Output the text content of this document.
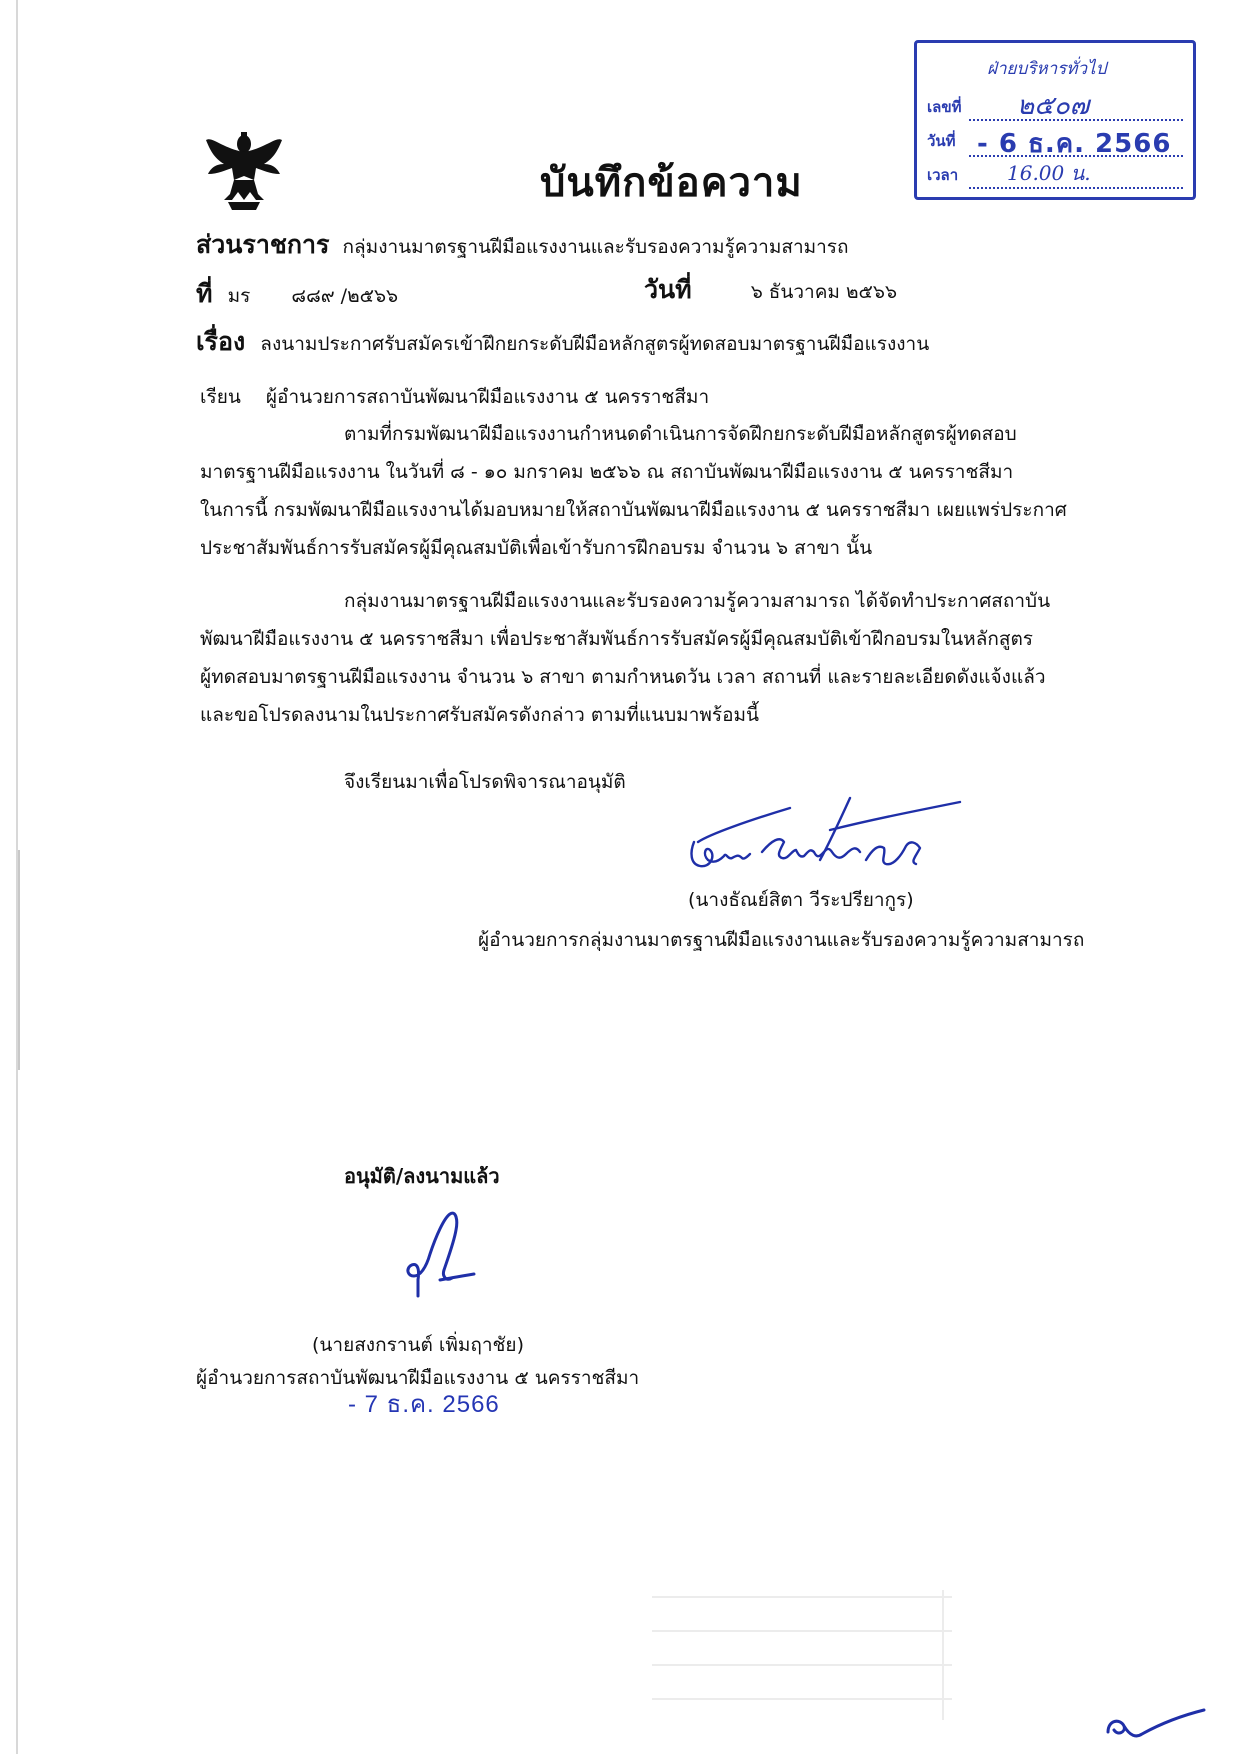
ฝ่ายบริหารทั่วไป
เลขที่ ๒๕๐๗
วันที่ - 6 ธ.ค. 2566
เวลา 16.00 น.
บันทึกข้อความ
ส่วนราชการ กลุ่มงานมาตรฐานฝีมือแรงงานและรับรองความรู้ความสามารถ
ที่ มร ๘๘๙ /๒๕๖๖	วันที่	๖ ธันวาคม ๒๕๖๖
เรื่อง ลงนามประกาศรับสมัครเข้าฝึกยกระดับฝีมือหลักสูตรผู้ทดสอบมาตรฐานฝีมือแรงงาน
เรียน ผู้อำนวยการสถาบันพัฒนาฝีมือแรงงาน ๕ นครราชสีมา
ตามที่กรมพัฒนาฝีมือแรงงานกำหนดดำเนินการจัดฝึกยกระดับฝีมือหลักสูตรผู้ทดสอบ
มาตรฐานฝีมือแรงงาน ในวันที่ ๘ - ๑๐ มกราคม ๒๕๖๖ ณ สถาบันพัฒนาฝีมือแรงงาน ๕ นครราชสีมา
ในการนี้ กรมพัฒนาฝีมือแรงงานได้มอบหมายให้สถาบันพัฒนาฝีมือแรงงาน ๕ นครราชสีมา เผยแพร่ประกาศ
ประชาสัมพันธ์การรับสมัครผู้มีคุณสมบัติเพื่อเข้ารับการฝึกอบรม จำนวน ๖ สาขา นั้น
กลุ่มงานมาตรฐานฝีมือแรงงานและรับรองความรู้ความสามารถ ได้จัดทำประกาศสถาบัน
พัฒนาฝีมือแรงงาน ๕ นครราชสีมา เพื่อประชาสัมพันธ์การรับสมัครผู้มีคุณสมบัติเข้าฝึกอบรมในหลักสูตร
ผู้ทดสอบมาตรฐานฝีมือแรงงาน จำนวน ๖ สาขา ตามกำหนดวัน เวลา สถานที่ และรายละเอียดดังแจ้งแล้ว
และขอโปรดลงนามในประกาศรับสมัครดังกล่าว ตามที่แนบมาพร้อมนี้
จึงเรียนมาเพื่อโปรดพิจารณาอนุมัติ
(นางธัณย์สิตา วีระปรียากูร)
ผู้อำนวยการกลุ่มงานมาตรฐานฝีมือแรงงานและรับรองความรู้ความสามารถ
อนุมัติ/ลงนามแล้ว
(นายสงกรานต์ เพิ่มฤาชัย)
ผู้อำนวยการสถาบันพัฒนาฝีมือแรงงาน ๕ นครราชสีมา
- 7 ธ.ค. 2566
